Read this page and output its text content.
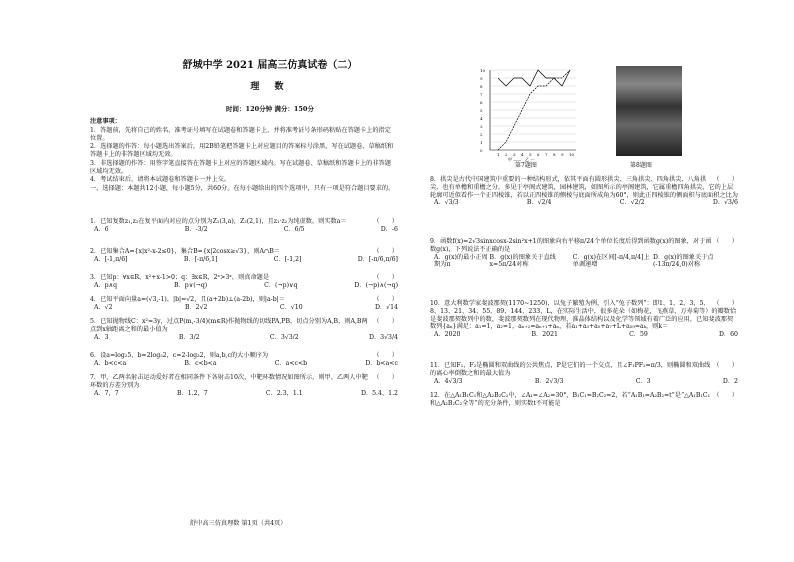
舒城中学 2021 届高三仿真试卷（二）
理 数
时间：120分钟 满分：150分

注意事项：

1．答题前，先将自己的姓名、准考证号填写在试题卷和答题卡上，并将准考证号条形码粘贴在答题卡上的指定位置。

2．选择题的作答：每小题选出答案后，用2B铅笔把答题卡上对应题目的答案标号涂黑，写在试题卷、草稿纸和答题卡上的非答题区域均无效。

3．非选择题的作答：用签字笔直接答在答题卡上对应的答题区域内。写在试题卷、草稿纸和答题卡上的非答题区域均无效。

4．考试结束后，请将本试题卷和答题卡一并上交。

一、选择题：本题共12小题，每小题5分，共60分。在每小题给出的四个选项中，只有一项是符合题目要求的。

（　　）
1．已知复数z₁,z₂在复平面内对应的点分别为Z₁(3,a)，Z₂(2,1)，且z₁·z₂为纯虚数，则实数a＝

A．6	B．-3/2	C．6/5	D．-6

（　　）
2．已知集合A={x|x²-x-2≤0}，集合B={x|2cosx≥√3}，则A∩B＝

A．[-1,π/6]	B．[-π/6,1]	C．[-1,2]	D．[-π/6,π/6]

（　　）
3．已知p：∀x∈R，x²+x-1>0；q：∃x∈R，2ˣ>3ˣ，则真命题是

A．p∧q	B．p∨(¬q)	C．(¬p)∨q	D．(¬p)∧(¬q)

（　　）
4．已知平面向量a=(√3,-1)，|b|=√2，且(a+2b)⊥(a-2b)，则|a-b|＝

A．√2	B．2√2	C．√10	D．√14

（　　）
5．已知抛物线C：x²=3y，过点P(m,-3/4)(m∈R)作抛物线的切线PA,PB，切点分别为A,B，则A,B两点到x轴距离之和的最小值为

A．3	B．3/2	C．3√3/2	D．3√3/4

（　　）
6．设a=log₂5，b=2log₃2，c=2-log₃2，则a,b,c的大小顺序为

A．b<c<a	B．c<b<a	C．a<c<b	D．b<a<c

（　　）
7．甲、乙两名射击运动爱好者在相同条件下各射击10次，中靶环数情况如图所示，则甲、乙两人中靶环数的方差分别为

A．7，7	B．1.2，7	C．2.3，1.1	D．5.4，1.2

（　　）
8．拱尖是古代中国建筑中重要的一种结构形式，依其平面有圆形拱尖、三角拱尖、四角拱尖、八角拱尖，也有单檐和重檐之分，多见于亭阁式建筑，园林建筑，如图所示的亭阁建筑，它属重檐四角拱尖，它的上层轮廓可近似看作一个正四棱锥，若以正四棱锥的侧棱与底面所成角为60°，则此正四棱锥的侧面积与底面积之比为

A．√3/3	B．√2/4	C．√2/2	D．√3/6

（　　）
9．函数f(x)=2√3sinxcosx-2sin²x+1的图象向右平移π/24个单位长度后得到函数g(x)的图象，对于函数g(x)，下列说法不正确的是

A．g(x)的最小正周期为π
B．g(x)的图象关于直线x=5π/24对称
C．g(x)在区间[-π/4,π/4]上单调递增
D．g(x)的图象关于点(-13π/24,0)对称

（　　）
10．意大利数学家斐波那契(1170~1250)，以兔子繁殖为例，引入“兔子数列”：即1、1、2、3、5、8、13、21、34、55、89、144、233、L，在实际生活中，很多花朵（如梅花，飞燕草，万寿菊等）的瓣数恰是斐波那契数列中的数，斐波那契数列在现代物理，准晶体结构以及化学等领域有着广泛的应用，已知斐波那契数列{aₙ}满足：a₁=1，a₂=1，aₙ₊₂=aₙ₊₁+aₙ，若a₁+a₃+a₅+a₇+L+a₅₉=aₖ，则k＝

A．2020	B．2021	C．59	D．60

（　　）
11．已知F₁，F₂是椭圆和双曲线的公共焦点，P是它们的一个交点，且∠F₁PF₂=π/3，则椭圆和双曲线的离心率倒数之和的最大值为

A．4√3/3	B．2√3/3	C．3	D．2

（　　）
12．在△A₁B₁C₁和△A₂B₂C₂中，∠A₁=∠A₂=30°，B₁C₁=B₂C₂=2，若“A₁B₁=A₂B₂=t”是“△A₁B₁C₁和△A₂B₂C₂全等”的充分条件，则实数t不可能是

10
9
8
7
6
5
4
3
2
1
0
1 2 3 4 5 6 7 8 9 10
甲 ——　乙 ---
第7题图	第8题图
舒中高三仿真理数 第1页（共4页）
